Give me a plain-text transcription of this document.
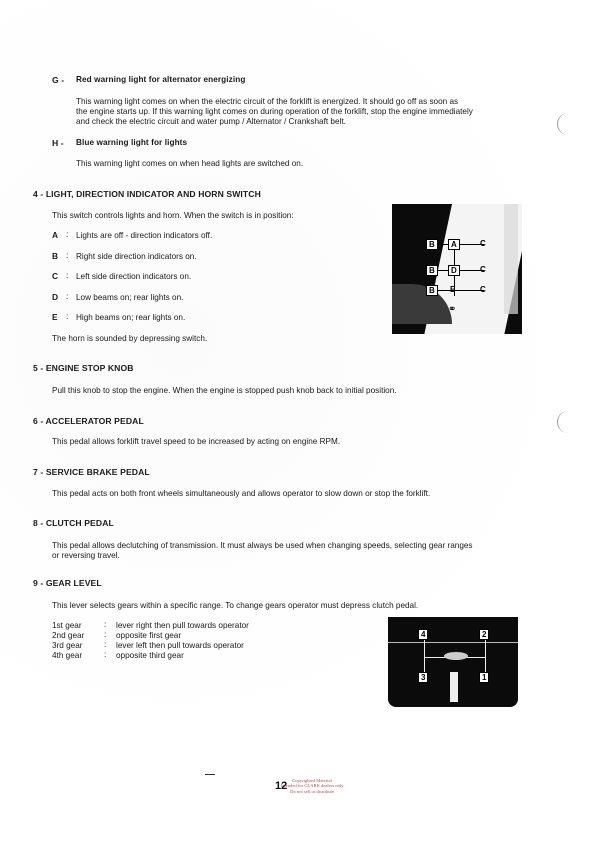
G - Red warning light for alternator energizing
This warning light comes on when the electric circuit of the forklift is energized. It should go off as soon as
the engine starts up. If this warning light comes on during operation of the forklift, stop the engine immediately
and check the electric circuit and water pump / Alternator / Crankshaft belt.
H - Blue warning light for lights
This warning light comes on when head lights are switched on.
4 - LIGHT, DIRECTION INDICATOR AND HORN SWITCH
This switch controls lights and horn. When the switch is in position:
A : Lights are off - direction indicators off.
B : Right side direction indicators on.
C : Left side direction indicators on.
D : Low beams on; rear lights on.
E : High beams on; rear lights on.
The horn is sounded by depressing switch.
B	A	C
B	D	C
B	E	C
⚭
5 - ENGINE STOP KNOB
Pull this knob to stop the engine. When the engine is stopped push knob back to initial position.
6 - ACCELERATOR PEDAL
This pedal allows forklift travel speed to be increased by acting on engine RPM.
7 - SERVICE BRAKE PEDAL
This pedal acts on both front wheels simultaneously and allows operator to slow down or stop the forklift.
8 - CLUTCH PEDAL
This pedal allows declutching of transmission. It must always be used when changing speeds, selecting gear ranges
or reversing travel.
9 - GEAR LEVEL
This lever selects gears within a specific range. To change gears operator must depress clutch pedal.
1st gear	: lever right then pull towards operator
2nd gear : opposite first gear
3rd gear	: lever left then pull towards operator
4th gear	: opposite third gear
4	2
3	1
Copyrighted Material
Intended for CLARK dealers only
Do not sell or distribute
12
